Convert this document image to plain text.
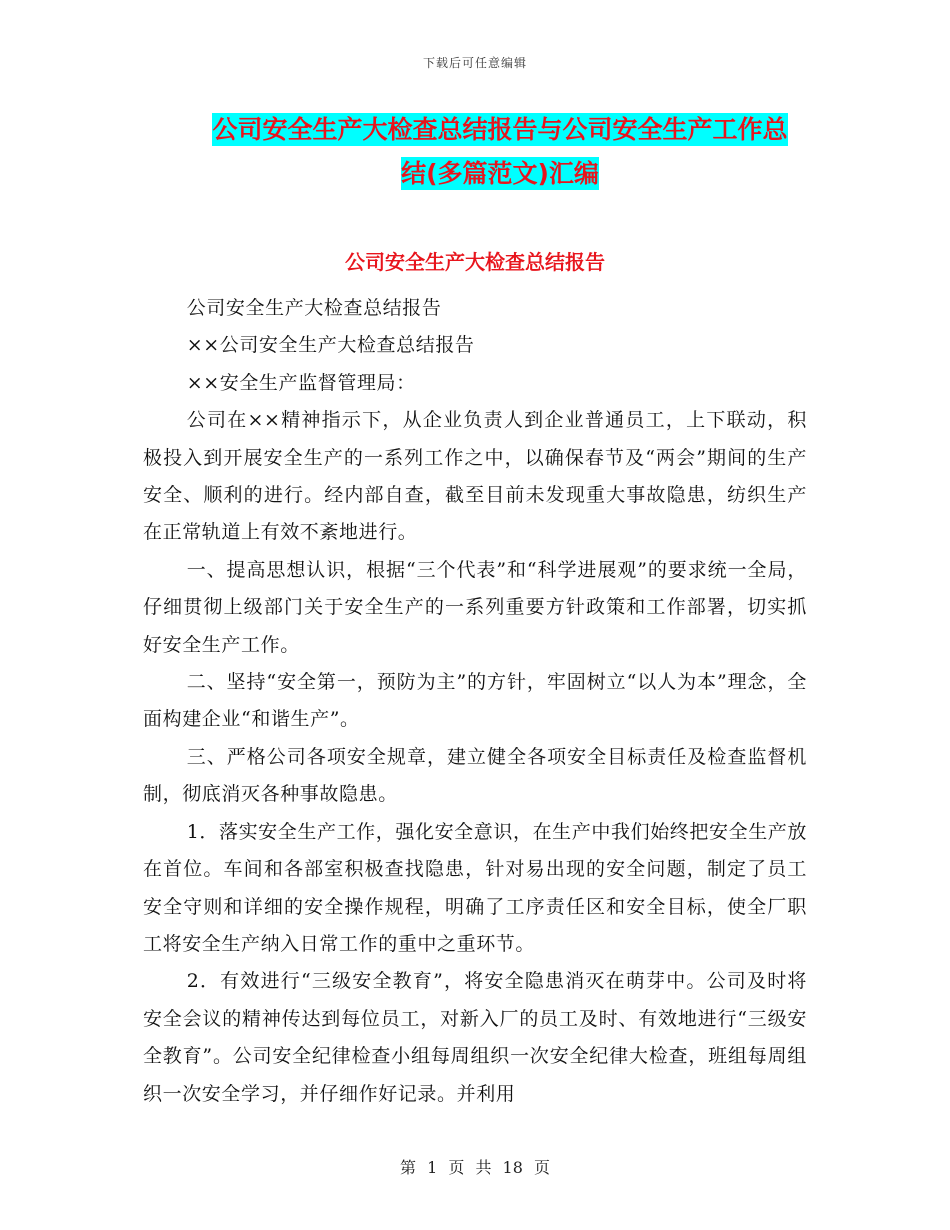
下载后可任意编辑
公司安全生产大检查总结报告与公司安全生产工作总
结(多篇范文)汇编
公司安全生产大检查总结报告

公司安全生产大检查总结报告

××公司安全生产大检查总结报告

××安全生产监督管理局：

公司在××精神指示下，从企业负责人到企业普通员工，上下联动，积极投入到开展安全生产的一系列工作之中，以确保春节及“两会”期间的生产安全、顺利的进行。经内部自查，截至目前未发现重大事故隐患，纺织生产在正常轨道上有效不紊地进行。

一、提高思想认识，根据“三个代表”和“科学进展观”的要求统一全局，仔细贯彻上级部门关于安全生产的一系列重要方针政策和工作部署，切实抓好安全生产工作。

二、坚持“安全第一，预防为主”的方针，牢固树立“以人为本”理念，全面构建企业“和谐生产”。

三、严格公司各项安全规章，建立健全各项安全目标责任及检查监督机制，彻底消灭各种事故隐患。

1．落实安全生产工作，强化安全意识，在生产中我们始终把安全生产放在首位。车间和各部室积极查找隐患，针对易出现的安全问题，制定了员工安全守则和详细的安全操作规程，明确了工序责任区和安全目标，使全厂职工将安全生产纳入日常工作的重中之重环节。

2．有效进行“三级安全教育”，将安全隐患消灭在萌芽中。公司及时将安全会议的精神传达到每位员工，对新入厂的员工及时、有效地进行“三级安全教育”。公司安全纪律检查小组每周组织一次安全纪律大检查，班组每周组织一次安全学习，并仔细作好记录。并利用

第 1 页 共 18 页
